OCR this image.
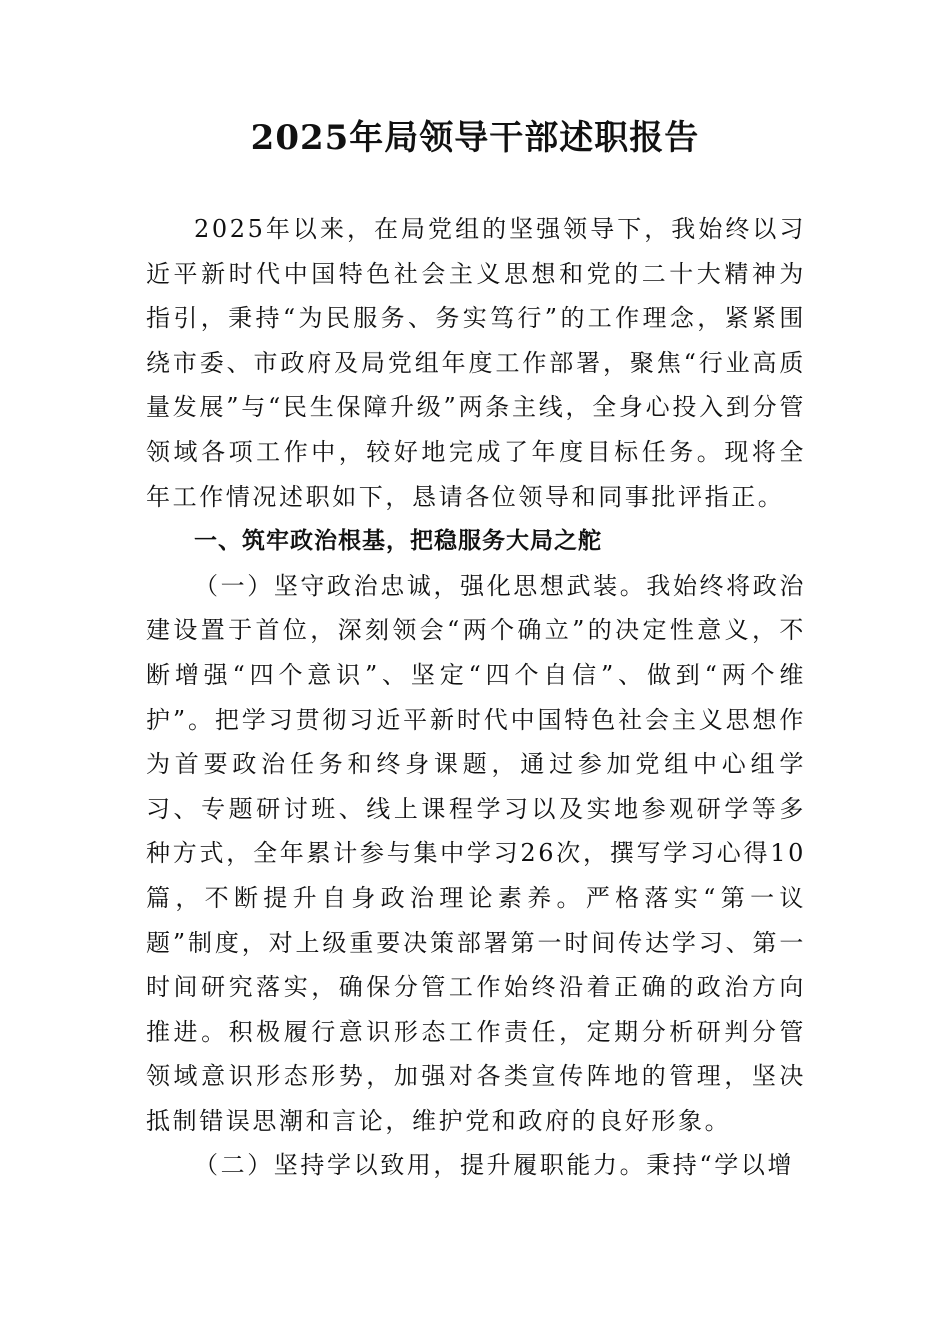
2025年局领导干部述职报告

2025年以来，在局党组的坚强领导下，我始终以习近平新时代中国特色社会主义思想和党的二十大精神为指引，秉持“为民服务、务实笃行”的工作理念，紧紧围绕市委、市政府及局党组年度工作部署，聚焦“行业高质量发展”与“民生保障升级”两条主线，全身心投入到分管领域各项工作中，较好地完成了年度目标任务。现将全年工作情况述职如下，恳请各位领导和同事批评指正。

一、筑牢政治根基，把稳服务大局之舵

（一）坚守政治忠诚，强化思想武装。我始终将政治建设置于首位，深刻领会“两个确立”的决定性意义，不断增强“四个意识”、坚定“四个自信”、做到“两个维护”。把学习贯彻习近平新时代中国特色社会主义思想作为首要政治任务和终身课题，通过参加党组中心组学习、专题研讨班、线上课程学习以及实地参观研学等多种方式，全年累计参与集中学习26次，撰写学习心得10篇，不断提升自身政治理论素养。严格落实“第一议题”制度，对上级重要决策部署第一时间传达学习、第一时间研究落实，确保分管工作始终沿着正确的政治方向推进。积极履行意识形态工作责任，定期分析研判分管领域意识形态形势，加强对各类宣传阵地的管理，坚决抵制错误思潮和言论，维护党和政府的良好形象。

（二）坚持学以致用，提升履职能力。秉持“学以增
